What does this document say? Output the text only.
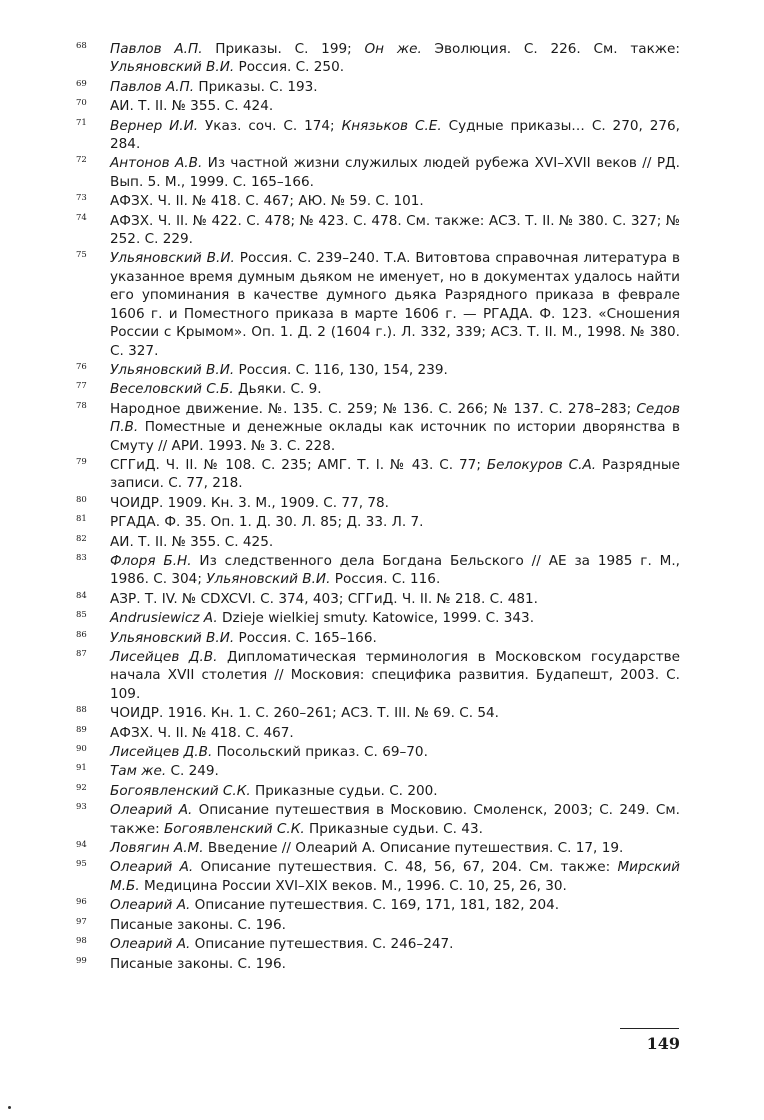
68 Павлов А.П. Приказы. С. 199; Он же. Эволюция. С. 226. См. также: Ульяновский В.И. Россия. С. 250.
69 Павлов А.П. Приказы. С. 193.
70 АИ. Т. II. № 355. С. 424.
71 Вернер И.И. Указ. соч. С. 174; Князьков С.Е. Судные приказы… С. 270, 276, 284.
72 Антонов А.В. Из частной жизни служилых людей рубежа XVI–XVII веков // РД. Вып. 5. М., 1999. С. 165–166.
73 АФЗХ. Ч. II. № 418. С. 467; АЮ. № 59. С. 101.
74 АФЗХ. Ч. II. № 422. С. 478; № 423. С. 478. См. также: АСЗ. Т. II. № 380. С. 327; № 252. С. 229.
75 Ульяновский В.И. Россия. С. 239–240. Т.А. Витовтова справочная литература в указанное время думным дьяком не именует, но в документах удалось найти его упоминания в качестве думного дьяка Разрядного приказа в феврале 1606 г. и Поместного приказа в марте 1606 г. — РГАДА. Ф. 123. «Сношения России с Крымом». Оп. 1. Д. 2 (1604 г.). Л. 332, 339; АСЗ. Т. II. М., 1998. № 380. С. 327.
76 Ульяновский В.И. Россия. С. 116, 130, 154, 239.
77 Веселовский С.Б. Дьяки. С. 9.
78 Народное движение. №. 135. С. 259; № 136. С. 266; № 137. С. 278–283; Седов П.В. Поместные и денежные оклады как источник по истории дворянства в Смуту // АРИ. 1993. № 3. С. 228.
79 СГГиД. Ч. II. № 108. С. 235; АМГ. Т. I. № 43. С. 77; Белокуров С.А. Разрядные записи. С. 77, 218.
80 ЧОИДР. 1909. Кн. 3. М., 1909. С. 77, 78.
81 РГАДА. Ф. 35. Оп. 1. Д. 30. Л. 85; Д. 33. Л. 7.
82 АИ. Т. II. № 355. С. 425.
83 Флоря Б.Н. Из следственного дела Богдана Бельского // АЕ за 1985 г. М., 1986. С. 304; Ульяновский В.И. Россия. С. 116.
84 АЗР. Т. IV. № CDXCVI. С. 374, 403; СГГиД. Ч. II. № 218. С. 481.
85 Andrusiewicz A. Dzieje wielkiej smuty. Katowice, 1999. С. 343.
86 Ульяновский В.И. Россия. С. 165–166.
87 Лисейцев Д.В. Дипломатическая терминология в Московском государстве начала XVII столетия // Московия: специфика развития. Будапешт, 2003. С. 109.
88 ЧОИДР. 1916. Кн. 1. С. 260–261; АСЗ. Т. III. № 69. С. 54.
89 АФЗХ. Ч. II. № 418. С. 467.
90 Лисейцев Д.В. Посольский приказ. С. 69–70.
91 Там же. С. 249.
92 Богоявленский С.К. Приказные судьи. С. 200.
93 Олеарий А. Описание путешествия в Московию. Смоленск, 2003; С. 249. См. также: Богоявленский С.К. Приказные судьи. С. 43.
94 Ловягин А.М. Введение // Олеарий А. Описание путешествия. С. 17, 19.
95 Олеарий А. Описание путешествия. С. 48, 56, 67, 204. См. также: Мирский М.Б. Медицина России XVI–XIX веков. М., 1996. С. 10, 25, 26, 30.
96 Олеарий А. Описание путешествия. С. 169, 171, 181, 182, 204.
97 Писаные законы. С. 196.
98 Олеарий А. Описание путешествия. С. 246–247.
99 Писаные законы. С. 196.
149
